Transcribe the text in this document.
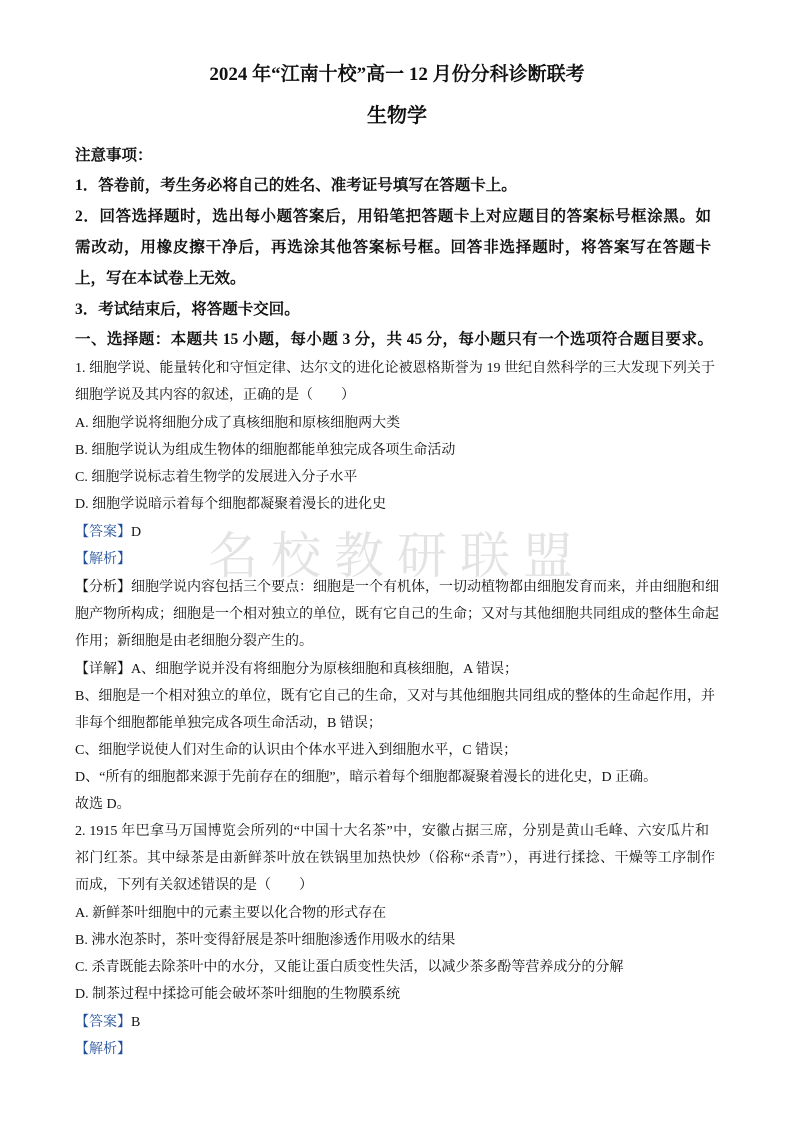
名校教研联盟
2024 年“江南十校”高一 12 月份分科诊断联考
生物学
注意事项：
1．答卷前，考生务必将自己的姓名、准考证号填写在答题卡上。
2．回答选择题时，选出每小题答案后，用铅笔把答题卡上对应题目的答案标号框涂黑。如
需改动，用橡皮擦干净后，再选涂其他答案标号框。回答非选择题时，将答案写在答题卡
上，写在本试卷上无效。
3．考试结束后，将答题卡交回。
一、选择题：本题共 15 小题，每小题 3 分，共 45 分，每小题只有一个选项符合题目要求。
1. 细胞学说、能量转化和守恒定律、达尔文的进化论被恩格斯誉为 19 世纪自然科学的三大发现下列关于
细胞学说及其内容的叙述，正确的是（　　）
A. 细胞学说将细胞分成了真核细胞和原核细胞两大类
B. 细胞学说认为组成生物体的细胞都能单独完成各项生命活动
C. 细胞学说标志着生物学的发展进入分子水平
D. 细胞学说暗示着每个细胞都凝聚着漫长的进化史
【答案】D
【解析】
【分析】细胞学说内容包括三个要点：细胞是一个有机体，一切动植物都由细胞发育而来，并由细胞和细
胞产物所构成；细胞是一个相对独立的单位，既有它自己的生命；又对与其他细胞共同组成的整体生命起
作用；新细胞是由老细胞分裂产生的。
【详解】A、细胞学说并没有将细胞分为原核细胞和真核细胞，A 错误；
B、细胞是一个相对独立的单位，既有它自己的生命，又对与其他细胞共同组成的整体的生命起作用，并
非每个细胞都能单独完成各项生命活动，B 错误；
C、细胞学说使人们对生命的认识由个体水平进入到细胞水平，C 错误；
D、“所有的细胞都来源于先前存在的细胞”，暗示着每个细胞都凝聚着漫长的进化史，D 正确。
故选 D。
2. 1915 年巴拿马万国博览会所列的“中国十大名茶”中，安徽占据三席，分别是黄山毛峰、六安瓜片和
祁门红茶。其中绿茶是由新鲜茶叶放在铁锅里加热快炒（俗称“杀青”），再进行揉捻、干燥等工序制作
而成，下列有关叙述错误的是（　　）
A. 新鲜茶叶细胞中的元素主要以化合物的形式存在
B. 沸水泡茶时，茶叶变得舒展是茶叶细胞渗透作用吸水的结果
C. 杀青既能去除茶叶中的水分，又能让蛋白质变性失活，以减少茶多酚等营养成分的分解
D. 制茶过程中揉捻可能会破坏茶叶细胞的生物膜系统
【答案】B
【解析】
